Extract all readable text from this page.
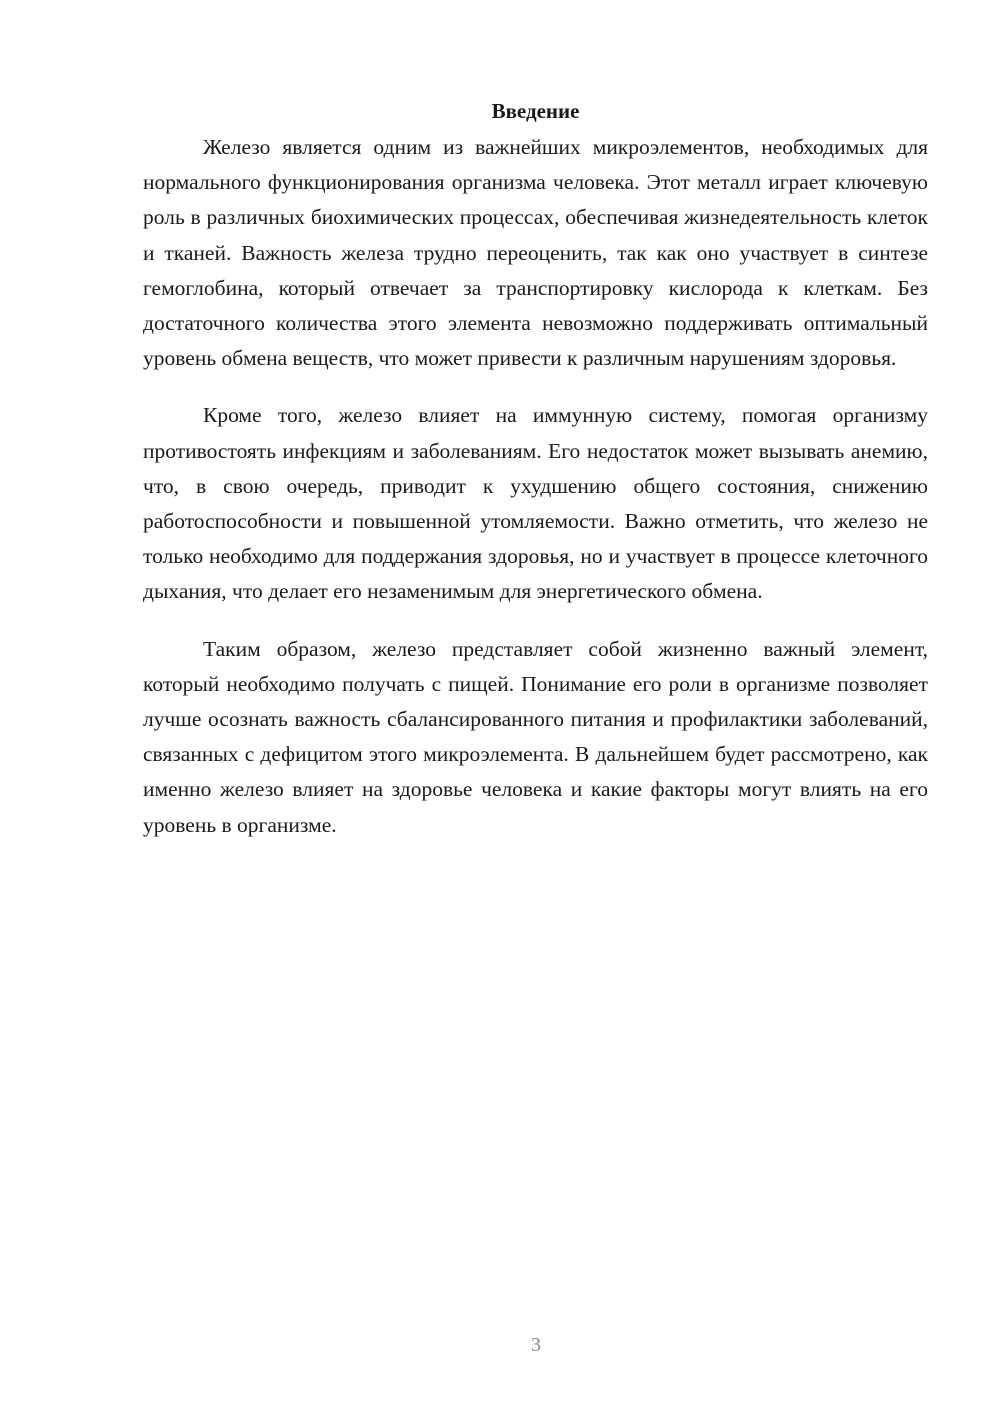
Введение

Железо является одним из важнейших микроэлементов, необходимых для нормального функционирования организма человека. Этот металл играет ключевую роль в различных биохимических процессах, обеспечивая жизнедеятельность клеток и тканей. Важность железа трудно переоценить, так как оно участвует в синтезе гемоглобина, который отвечает за транспортировку кислорода к клеткам. Без достаточного количества этого элемента невозможно поддерживать оптимальный уровень обмена веществ, что может привести к различным нарушениям здоровья.

Кроме того, железо влияет на иммунную систему, помогая организму противостоять инфекциям и заболеваниям. Его недостаток может вызывать анемию, что, в свою очередь, приводит к ухудшению общего состояния, снижению работоспособности и повышенной утомляемости. Важно отметить, что железо не только необходимо для поддержания здоровья, но и участвует в процессе клеточного дыхания, что делает его незаменимым для энергетического обмена.

Таким образом, железо представляет собой жизненно важный элемент, который необходимо получать с пищей. Понимание его роли в организме позволяет лучше осознать важность сбалансированного питания и профилактики заболеваний, связанных с дефицитом этого микроэлемента. В дальнейшем будет рассмотрено, как именно железо влияет на здоровье человека и какие факторы могут влиять на его уровень в организме.

3
